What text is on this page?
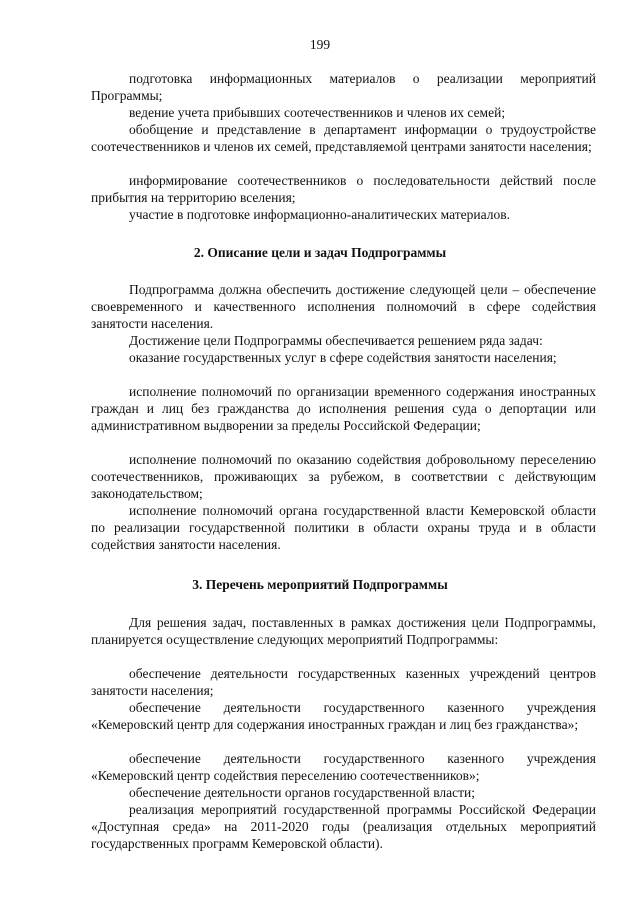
199

подготовка информационных материалов о реализации мероприятий Программы;

ведение учета прибывших соотечественников и членов их семей;

обобщение и представление в департамент информации о трудоустройстве соотечественников и членов их семей, представляемой центрами занятости населения;

информирование соотечественников о последовательности действий после прибытия на территорию вселения;

участие в подготовке информационно-аналитических материалов.

2. Описание цели и задач Подпрограммы

Подпрограмма должна обеспечить достижение следующей цели – обеспечение своевременного и качественного исполнения полномочий в сфере содействия занятости населения.

Достижение цели Подпрограммы обеспечивается решением ряда задач:

оказание государственных услуг в сфере содействия занятости населения;

исполнение полномочий по организации временного содержания иностранных граждан и лиц без гражданства до исполнения решения суда о депортации или административном выдворении за пределы Российской Федерации;

исполнение полномочий по оказанию содействия добровольному переселению соотечественников, проживающих за рубежом, в соответствии с действующим законодательством;

исполнение полномочий органа государственной власти Кемеровской области по реализации государственной политики в области охраны труда и в области содействия занятости населения.

3. Перечень мероприятий Подпрограммы

Для решения задач, поставленных в рамках достижения цели Подпрограммы, планируется осуществление следующих мероприятий Подпрограммы:

обеспечение деятельности государственных казенных учреждений центров занятости населения;

обеспечение деятельности государственного казенного учреждения «Кемеровский центр для содержания иностранных граждан и лиц без гражданства»;

обеспечение деятельности государственного казенного учреждения «Кемеровский центр содействия переселению соотечественников»;

обеспечение деятельности органов государственной власти;

реализация мероприятий государственной программы Российской Федерации «Доступная среда» на 2011-2020 годы (реализация отдельных мероприятий государственных программ Кемеровской области).
